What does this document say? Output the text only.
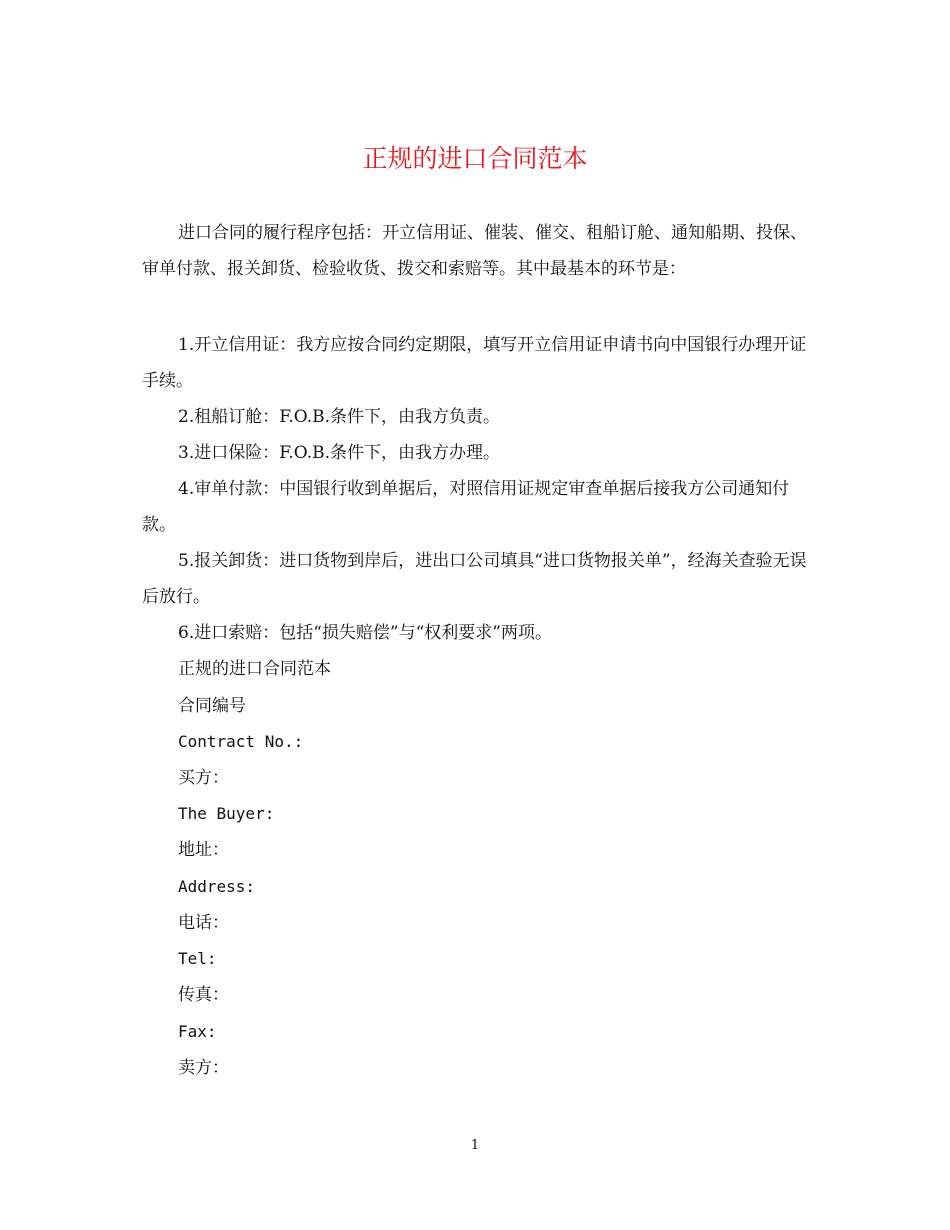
正规的进口合同范本

进口合同的履行程序包括：开立信用证、催装、催交、租船订舱、通知船期、投保、审单付款、报关卸货、检验收货、拨交和索赔等。其中最基本的环节是：

1.开立信用证：我方应按合同约定期限，填写开立信用证申请书向中国银行办理开证手续。

2.租船订舱：F.O.B.条件下，由我方负责。

3.进口保险：F.O.B.条件下，由我方办理。

4.审单付款：中国银行收到单据后，对照信用证规定审查单据后接我方公司通知付款。

5.报关卸货：进口货物到岸后，进出口公司填具“进口货物报关单”，经海关查验无误后放行。

6.进口索赔：包括“损失赔偿”与“权利要求”两项。

正规的进口合同范本

合同编号

Contract No.:

买方：

The Buyer:

地址：

Address:

电话：

Tel:

传真：

Fax:

卖方：

1
